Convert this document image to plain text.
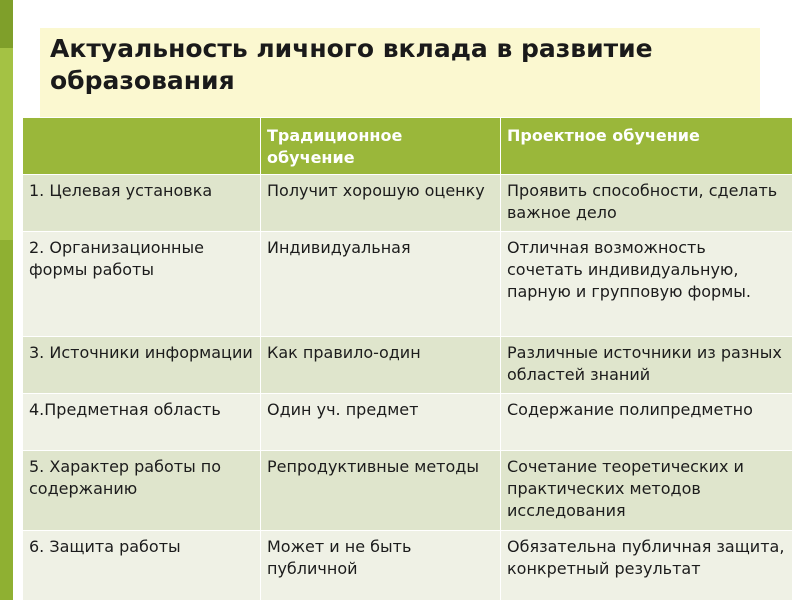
Актуальность личного вклада в развитие
образования
	Традиционное обучение	Проектное обучение
1. Целевая установка	Получит хорошую оценку	Проявить способности, сделать важное дело
2. Организационные формы работы	Индивидуальная	Отличная возможность сочетать индивидуальную, парную и групповую формы.
3. Источники информации	Как правило-один	Различные источники из разных областей знаний
4.Предметная область	Один уч. предмет	Содержание полипредметно
5. Характер работы по содержанию	Репродуктивные методы	Сочетание теоретических и практических методов исследования
6. Защита работы	Может и не быть публичной	Обязательна публичная защита, конкретный результат
